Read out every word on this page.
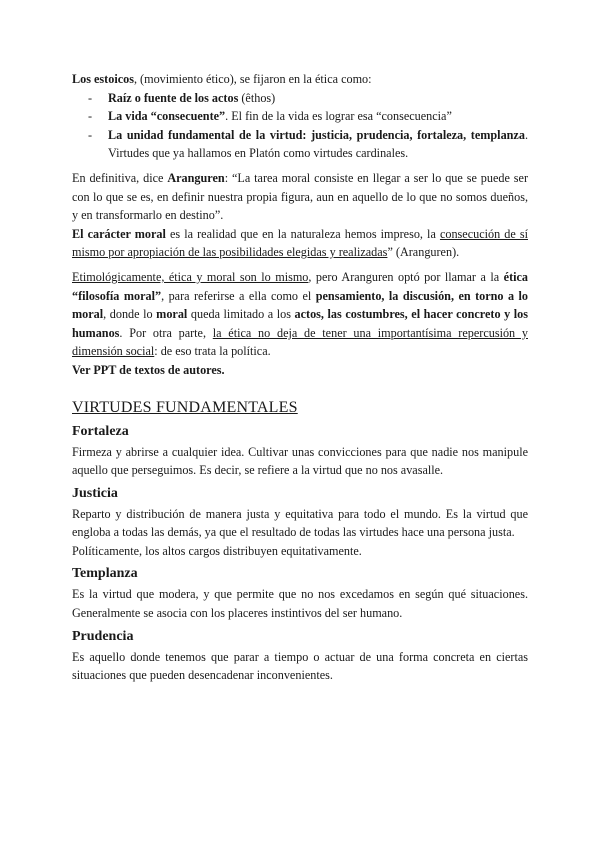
Los estoicos, (movimiento ético), se fijaron en la ética como:

- Raíz o fuente de los actos (êthos)
- La vida “consecuente”. El fin de la vida es lograr esa “consecuencia”
- La unidad fundamental de la virtud: justicia, prudencia, fortaleza, templanza. Virtudes que ya hallamos en Platón como virtudes cardinales.

En definitiva, dice Aranguren: “La tarea moral consiste en llegar a ser lo que se puede ser con lo que se es, en definir nuestra propia figura, aun en aquello de lo que no somos dueños, y en transformarlo en destino”.

El carácter moral es la realidad que en la naturaleza hemos impreso, la consecución de sí mismo por apropiación de las posibilidades elegidas y realizadas” (Aranguren).

Etimológicamente, ética y moral son lo mismo, pero Aranguren optó por llamar a la ética “filosofía moral”, para referirse a ella como el pensamiento, la discusión, en torno a lo moral, donde lo moral queda limitado a los actos, las costumbres, el hacer concreto y los humanos. Por otra parte, la ética no deja de tener una importantísima repercusión y dimensión social: de eso trata la política.

Ver PPT de textos de autores.

VIRTUDES FUNDAMENTALES
Fortaleza

Firmeza y abrirse a cualquier idea. Cultivar unas convicciones para que nadie nos manipule aquello que perseguimos. Es decir, se refiere a la virtud que no nos avasalle.

Justicia

Reparto y distribución de manera justa y equitativa para todo el mundo. Es la virtud que engloba a todas las demás, ya que el resultado de todas las virtudes hace una persona justa.

Políticamente, los altos cargos distribuyen equitativamente.

Templanza

Es la virtud que modera, y que permite que no nos excedamos en según qué situaciones. Generalmente se asocia con los placeres instintivos del ser humano.

Prudencia

Es aquello donde tenemos que parar a tiempo o actuar de una forma concreta en ciertas situaciones que pueden desencadenar inconvenientes.
